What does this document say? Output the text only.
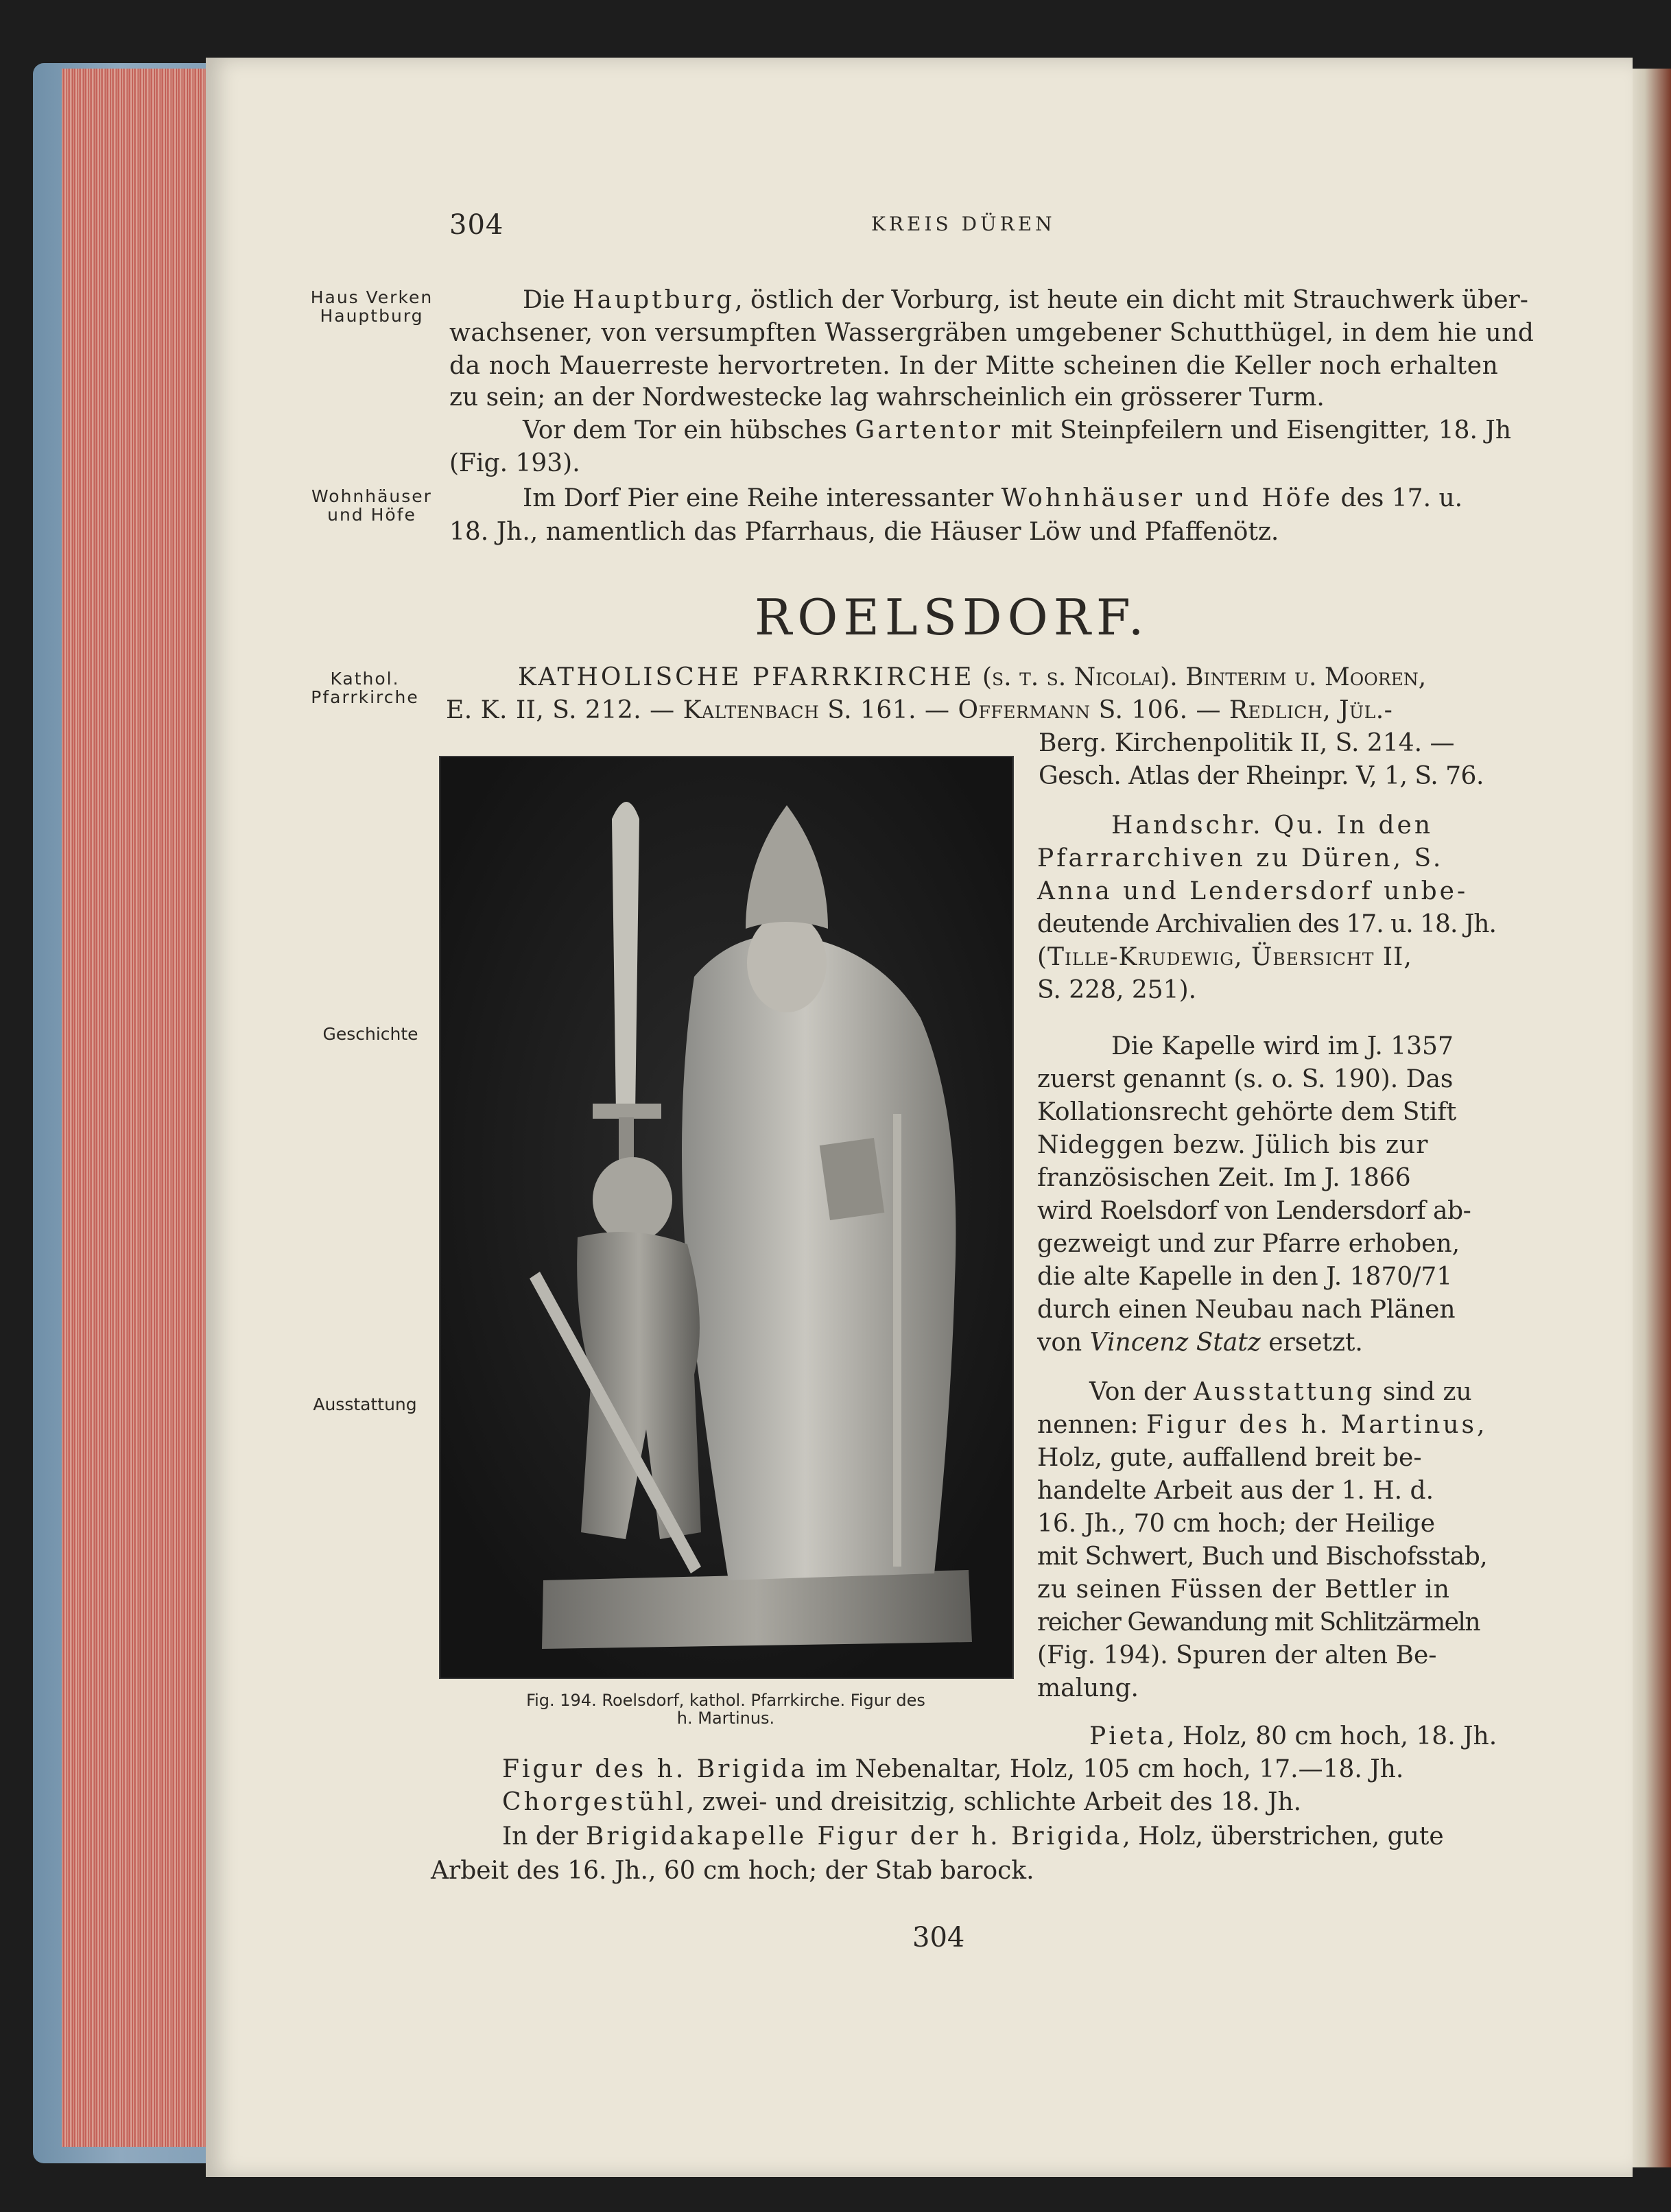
304	KREIS DÜREN
Haus Verken
Hauptburg
Wohnhäuser
und Höfe
Kathol.
Pfarrkirche
Geschichte
Ausstattung
Die Hauptburg, östlich der Vorburg, ist heute ein dicht mit Strauchwerk über-
wachsener, von versumpften Wassergräben umgebener Schutthügel, in dem hie und
da noch Mauerreste hervortreten. In der Mitte scheinen die Keller noch erhalten
zu sein; an der Nordwestecke lag wahrscheinlich ein grösserer Turm.
Vor dem Tor ein hübsches Gartentor mit Steinpfeilern und Eisengitter, 18. Jh
(Fig. 193).
Im Dorf Pier eine Reihe interessanter Wohnhäuser und Höfe des 17. u.
18. Jh., namentlich das Pfarrhaus, die Häuser Löw und Pfaffenötz.
ROELSDORF.
KATHOLISCHE PFARRKIRCHE (s. t. s. Nicolai). Binterim u. Mooren,
E. K. II, S. 212. — Kaltenbach S. 161. — Offermann S. 106. — Redlich, Jül.-
Berg. Kirchenpolitik II, S. 214. —
Gesch. Atlas der Rheinpr. V, 1, S. 76.
Handschr. Qu. In den
Pfarrarchiven zu Düren, S.
Anna und Lendersdorf unbe-
deutende Archivalien des 17. u. 18. Jh.
(Tille-Krudewig, Übersicht II,
S. 228, 251).
Die Kapelle wird im J. 1357
zuerst genannt (s. o. S. 190). Das
Kollationsrecht gehörte dem Stift
Nideggen bezw. Jülich bis zur
französischen Zeit. Im J. 1866
wird Roelsdorf von Lendersdorf ab-
gezweigt und zur Pfarre erhoben,
die alte Kapelle in den J. 1870/71
durch einen Neubau nach Plänen
von Vincenz Statz ersetzt.
Von der Ausstattung sind zu
nennen: Figur des h. Martinus,
Holz, gute, auffallend breit be-
handelte Arbeit aus der 1. H. d.
16. Jh., 70 cm hoch; der Heilige
mit Schwert, Buch und Bischofsstab,
zu seinen Füssen der Bettler in
reicher Gewandung mit Schlitzärmeln
(Fig. 194). Spuren der alten Be-
malung.
Pieta, Holz, 80 cm hoch, 18. Jh.
Figur des h. Brigida im Nebenaltar, Holz, 105 cm hoch, 17.—18. Jh.
Chorgestühl, zwei- und dreisitzig, schlichte Arbeit des 18. Jh.
In der Brigidakapelle Figur der h. Brigida, Holz, überstrichen, gute
Arbeit des 16. Jh., 60 cm hoch; der Stab barock.
Fig. 194. Roelsdorf, kathol. Pfarrkirche. Figur des
h. Martinus.
304
